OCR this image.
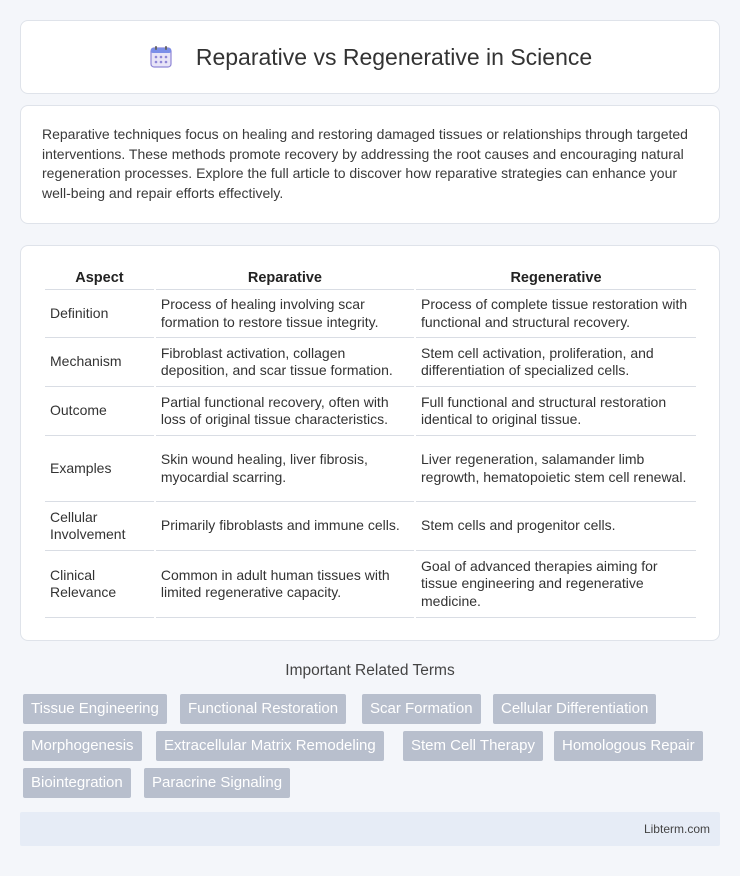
Reparative vs Regenerative in Science

Reparative techniques focus on healing and restoring damaged tissues or relationships through targeted interventions. These methods promote recovery by addressing the root causes and encouraging natural regeneration processes. Explore the full article to discover how reparative strategies can enhance your well-being and repair efforts effectively.

Aspect	Reparative	Regenerative
Definition	Process of healing involving scar formation to restore tissue integrity.	Process of complete tissue restoration with functional and structural recovery.
Mechanism	Fibroblast activation, collagen deposition, and scar tissue formation.	Stem cell activation, proliferation, and differentiation of specialized cells.
Outcome	Partial functional recovery, often with loss of original tissue characteristics.	Full functional and structural restoration identical to original tissue.
Examples	Skin wound healing, liver fibrosis, myocardial scarring.	Liver regeneration, salamander limb regrowth, hematopoietic stem cell renewal.
Cellular Involvement	Primarily fibroblasts and immune cells.	Stem cells and progenitor cells.
Clinical Relevance	Common in adult human tissues with limited regenerative capacity.	Goal of advanced therapies aiming for tissue engineering and regenerative medicine.
Important Related Terms
Tissue Engineering	Functional Restoration	Scar Formation	Cellular Differentiation
Morphogenesis	Extracellular Matrix Remodeling	Stem Cell Therapy	Homologous Repair
Biointegration	Paracrine Signaling
Libterm.com
